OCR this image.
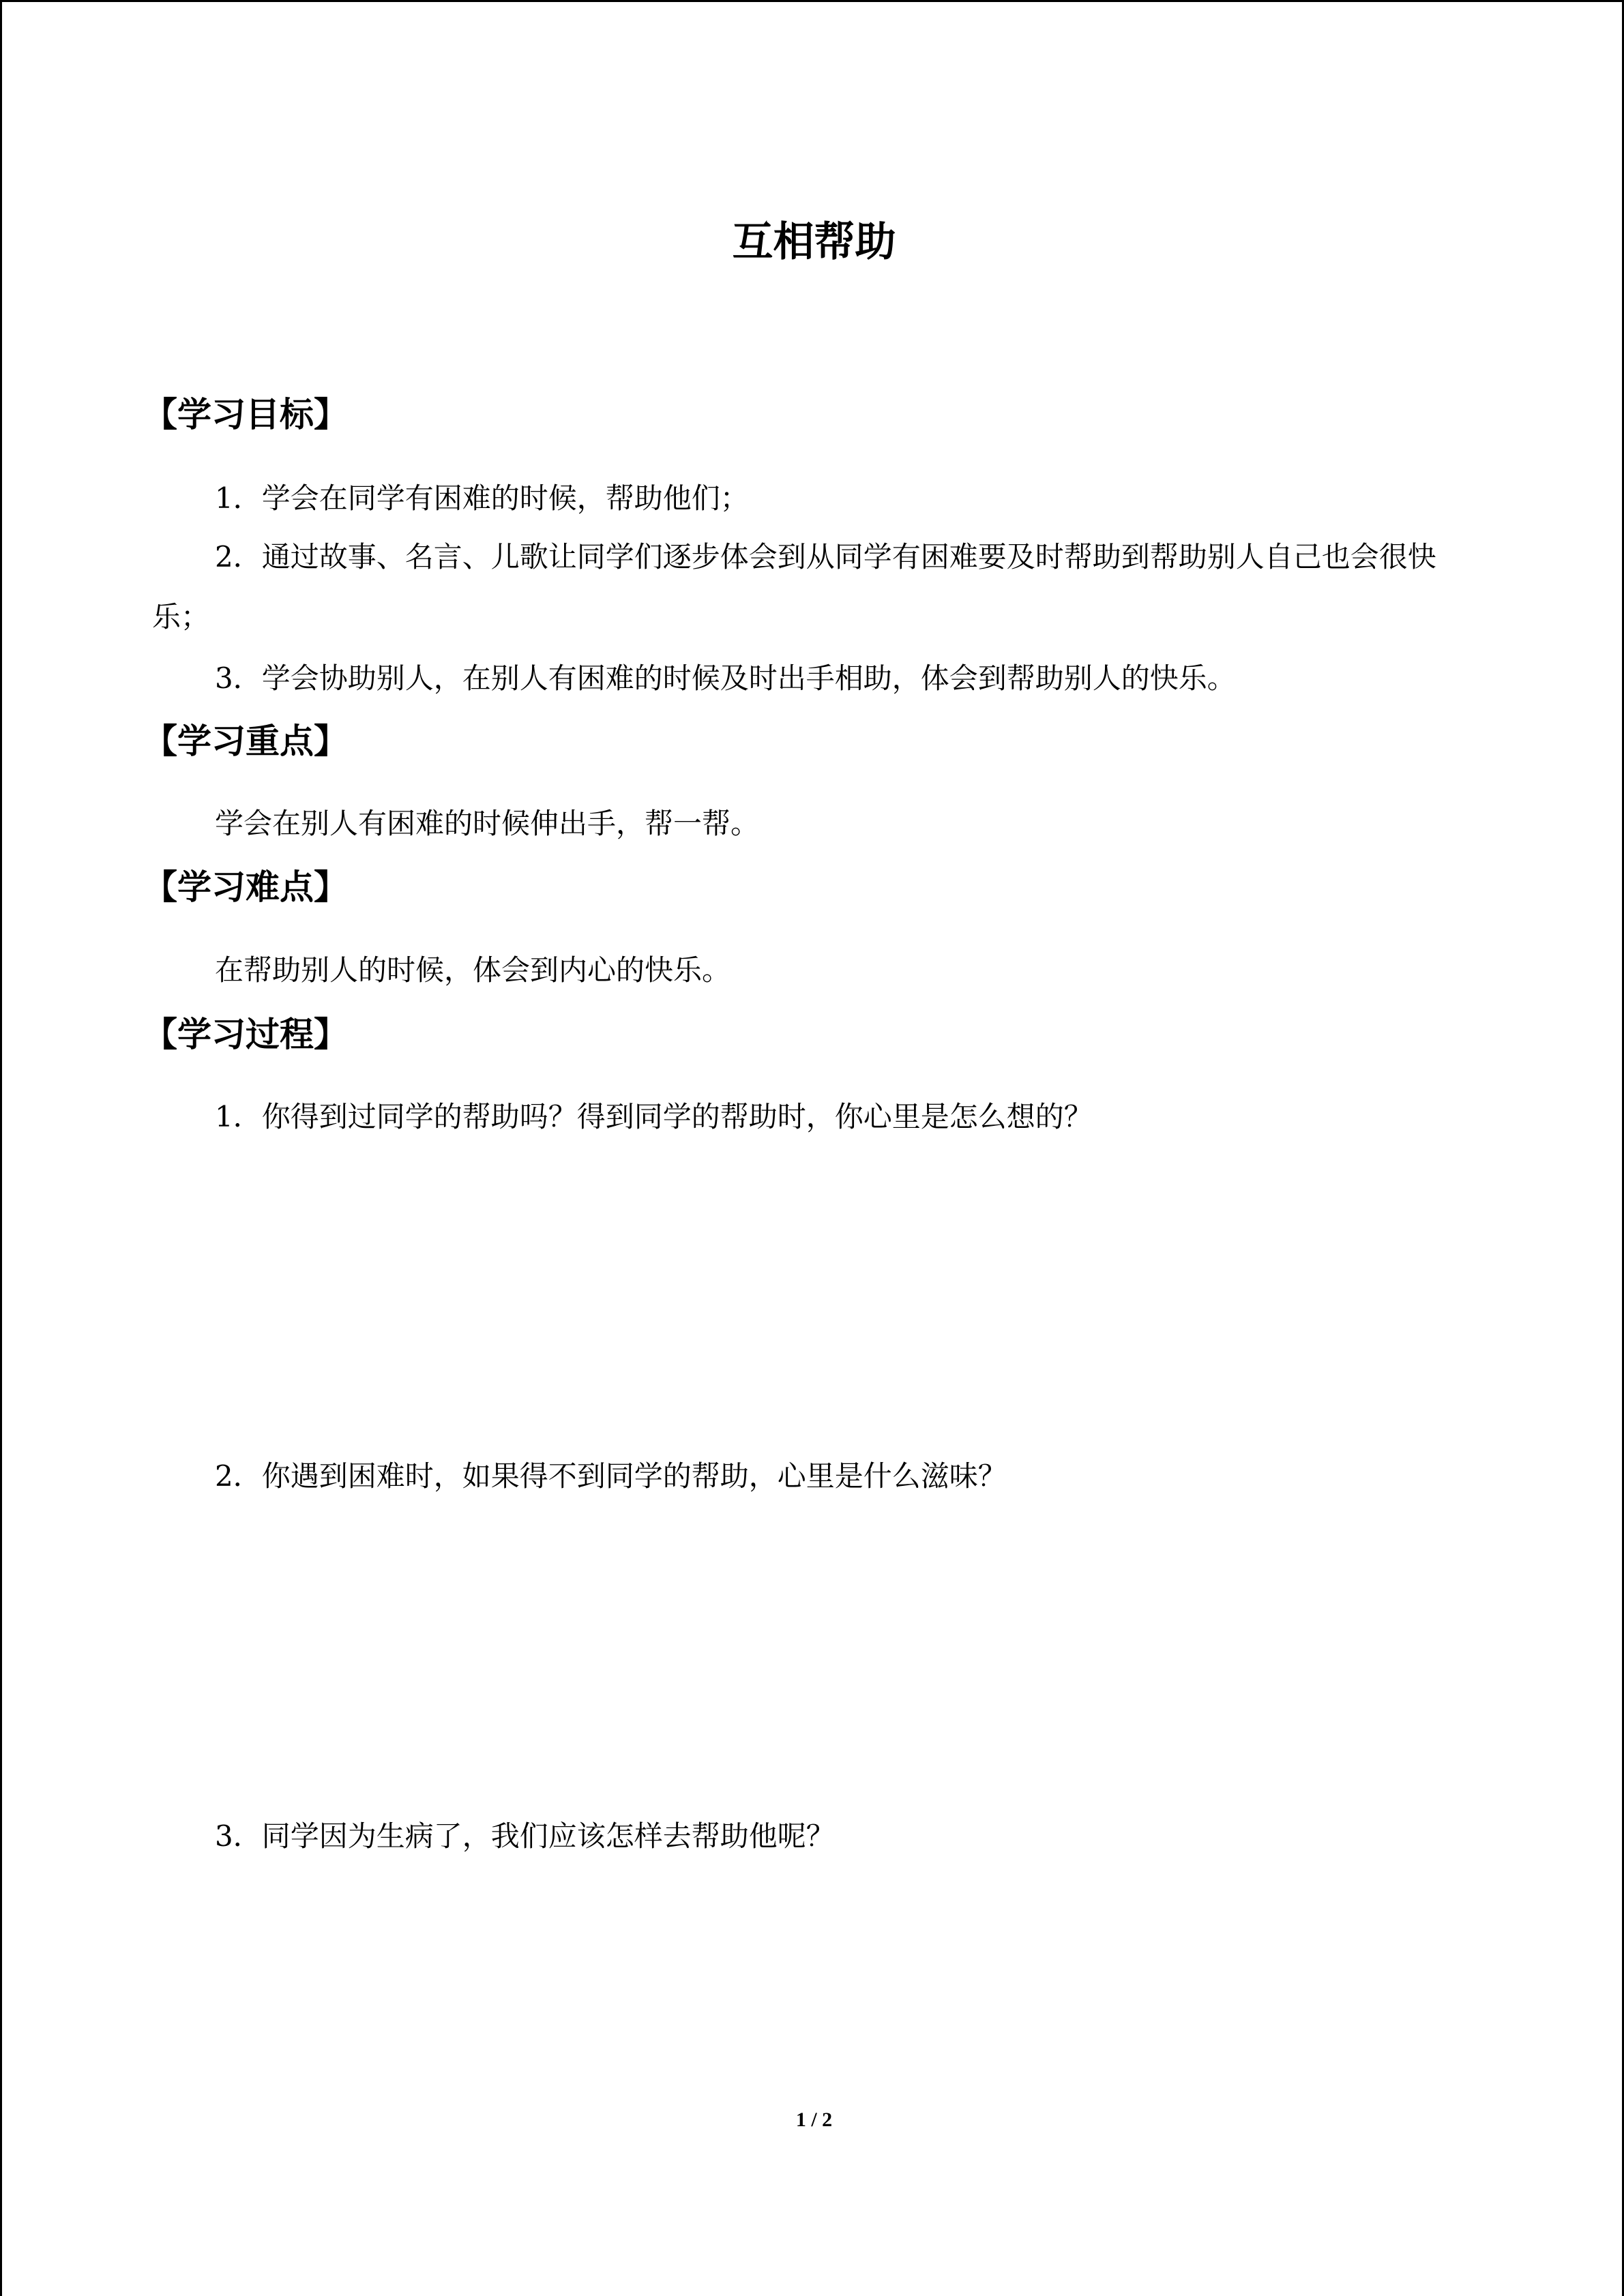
互相帮助
【学习目标】
1．学会在同学有困难的时候，帮助他们；

2．通过故事、名言、儿歌让同学们逐步体会到从同学有困难要及时帮助到帮助别人自己也会很快乐；

3．学会协助别人，在别人有困难的时候及时出手相助，体会到帮助别人的快乐。
【学习重点】
学会在别人有困难的时候伸出手，帮一帮。
【学习难点】
在帮助别人的时候，体会到内心的快乐。
【学习过程】
1．你得到过同学的帮助吗？得到同学的帮助时，你心里是怎么想的？
2．你遇到困难时，如果得不到同学的帮助，心里是什么滋味？
3．同学因为生病了，我们应该怎样去帮助他呢？
1 / 2
